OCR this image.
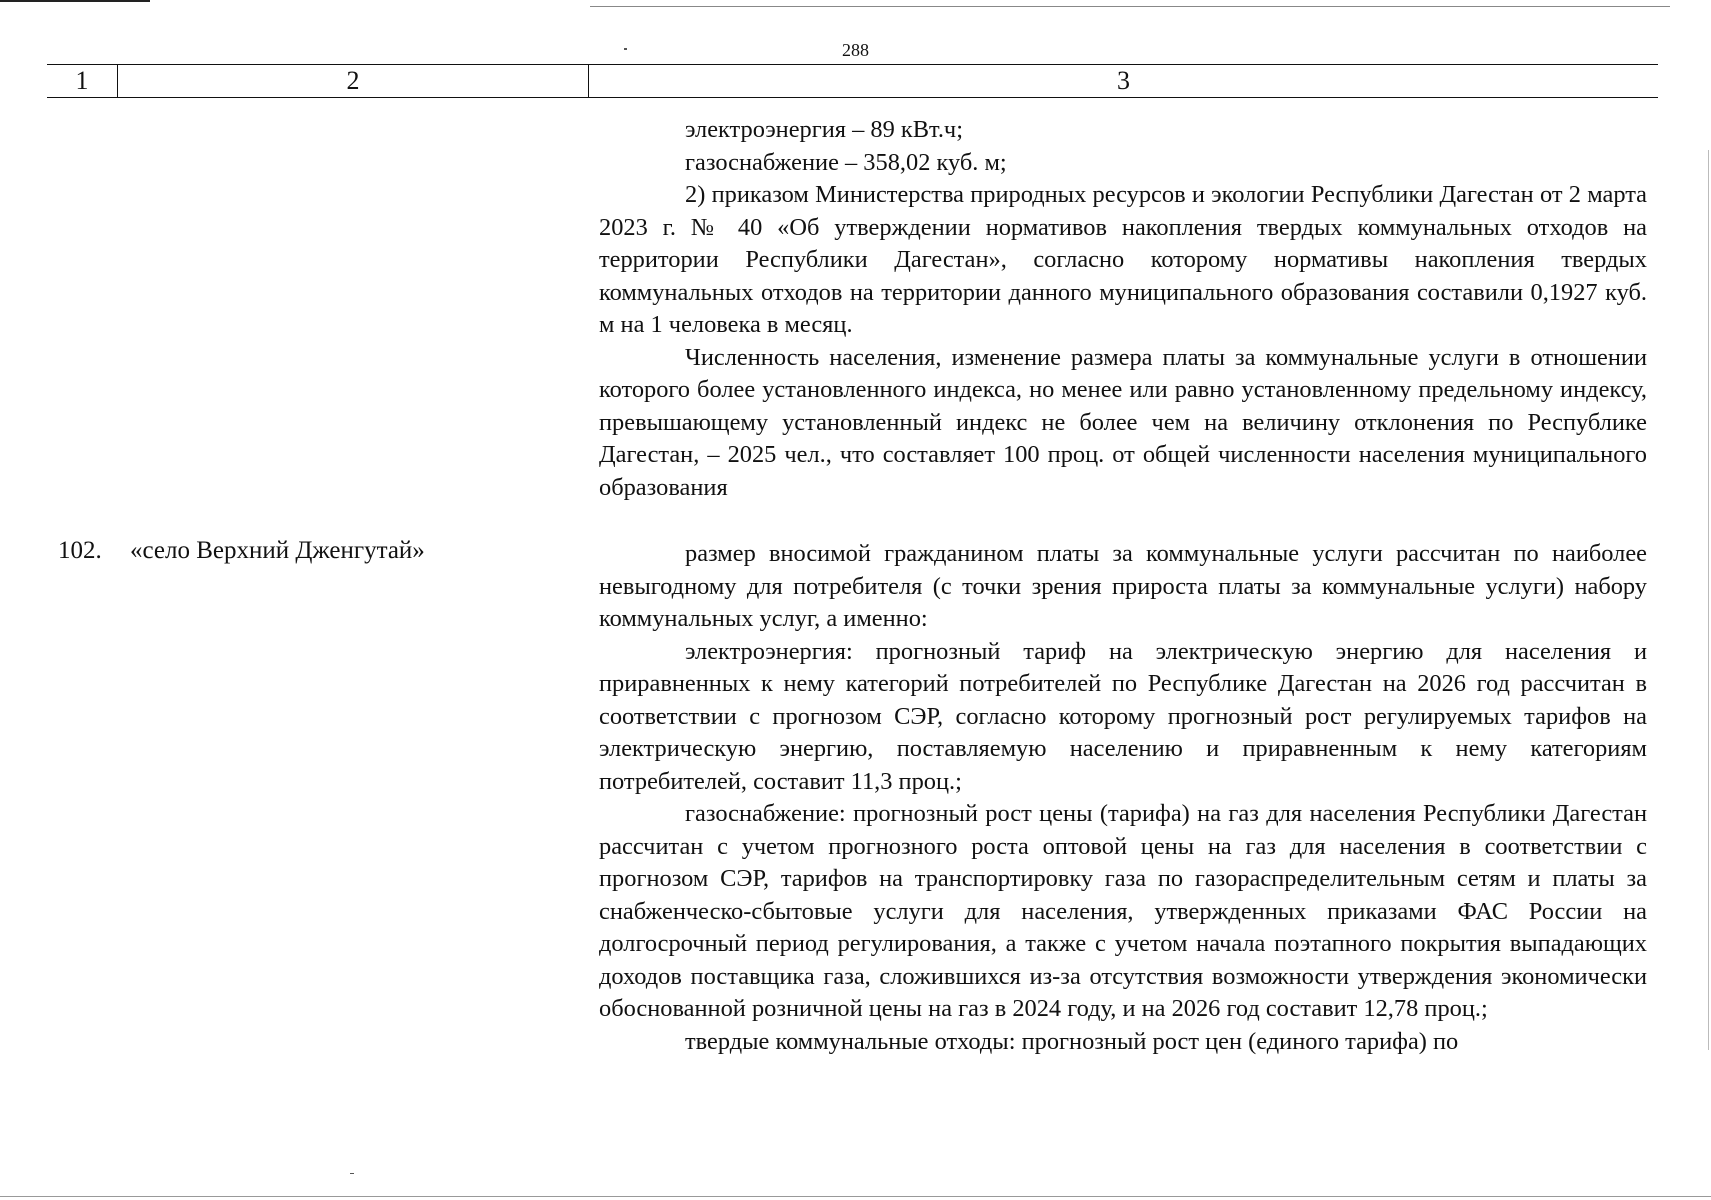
288
1	2	3

электроэнергия – 89 кВт.ч;

газоснабжение – 358,02 куб. м;

2) приказом Министерства природных ресурсов и экологии Республики Дагестан от 2 марта 2023 г. № 40 «Об утверждении нормативов накопления твердых коммунальных отходов на территории Республики Дагестан», согласно которому нормативы накопления твердых коммунальных отходов на территории данного муниципального образования составили 0,1927 куб. м на 1 человека в месяц.

Численность населения, изменение размера платы за коммунальные услуги в отношении которого более установленного индекса, но менее или равно установленному предельному индексу, превышающему установленный индекс не более чем на величину отклонения по Республике Дагестан, – 2025 чел., что составляет 100 проц. от общей численности населения муниципального образования

102. «село Верхний Дженгутай»	размер вносимой гражданином платы за коммунальные услуги рассчитан по наиболее невыгодному для потребителя (с точки зрения прироста платы за коммунальные услуги) набору коммунальных услуг, а именно:

электроэнергия: прогнозный тариф на электрическую энергию для населения и приравненных к нему категорий потребителей по Республике Дагестан на 2026 год рассчитан в соответствии с прогнозом СЭР, согласно которому прогнозный рост регулируемых тарифов на электрическую энергию, поставляемую населению и приравненным к нему категориям потребителей, составит 11,3 проц.;

газоснабжение: прогнозный рост цены (тарифа) на газ для населения Республики Дагестан рассчитан с учетом прогнозного роста оптовой цены на газ для населения в соответствии с прогнозом СЭР, тарифов на транспортировку газа по газораспределительным сетям и платы за снабженческо-сбытовые услуги для населения, утвержденных приказами ФАС России на долгосрочный период регулирования, а также с учетом начала поэтапного покрытия выпадающих доходов поставщика газа, сложившихся из-за отсутствия возможности утверждения экономически обоснованной розничной цены на газ в 2024 году, и на 2026 год составит 12,78 проц.;

твердые коммунальные отходы: прогнозный рост цен (единого тарифа) по
